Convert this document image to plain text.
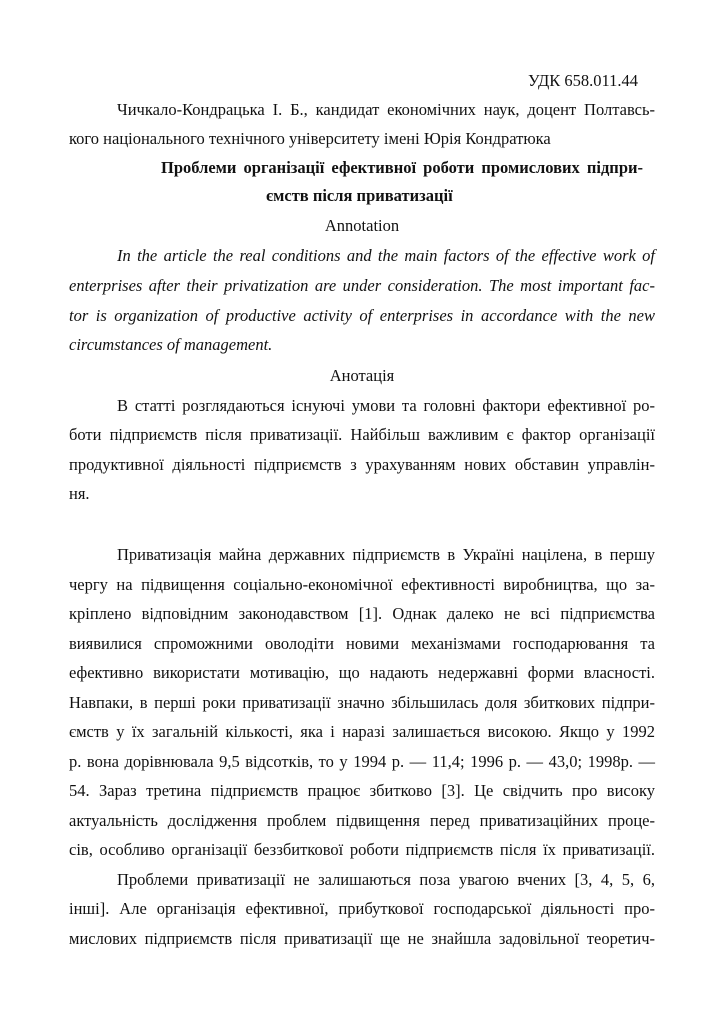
УДК 658.011.44
Чичкало-Кондрацька І. Б., кандидат економічних наук, доцент Полтавсь-
кого національного технічного університету імені Юрія Кондратюка
Проблеми організації ефективної роботи промислових підпри-
ємств після приватизації
Annotation
In the article the real conditions and the main factors of the effective work of
enterprises after their privatization are under consideration. The most important fac-
tor is organization of productive activity of enterprises in accordance with the new
circumstances of management.
Анотація
В статті розглядаються існуючі умови та головні фактори ефективної ро-
боти підприємств після приватизації. Найбільш важливим є фактор організації
продуктивної діяльності підприємств з урахуванням нових обставин управлін-
ня.
Приватизація майна державних підприємств в Україні націлена, в першу
чергу на підвищення соціально-економічної ефективності виробництва, що за-
кріплено відповідним законодавством [1]. Однак далеко не всі підприємства
виявилися спроможними оволодіти новими механізмами господарювання та
ефективно використати мотивацію, що надають недержавні форми власності.
Навпаки, в перші роки приватизації значно збільшилась доля збиткових підпри-
ємств у їх загальній кількості, яка і наразі залишається високою. Якщо у 1992
р. вона дорівнювала 9,5 відсотків, то у 1994 р. — 11,4; 1996 р. — 43,0; 1998р. —
54. Зараз третина підприємств працює збитково [3]. Це свідчить про високу
актуальність дослідження проблем підвищення перед приватизаційних проце-
сів, особливо організації беззбиткової роботи підприємств після їх приватизації.
Проблеми приватизації не залишаються поза увагою вчених [3, 4, 5, 6,
інші]. Але організація ефективної, прибуткової господарської діяльності про-
мислових підприємств після приватизації ще не знайшла задовільної теоретич-
